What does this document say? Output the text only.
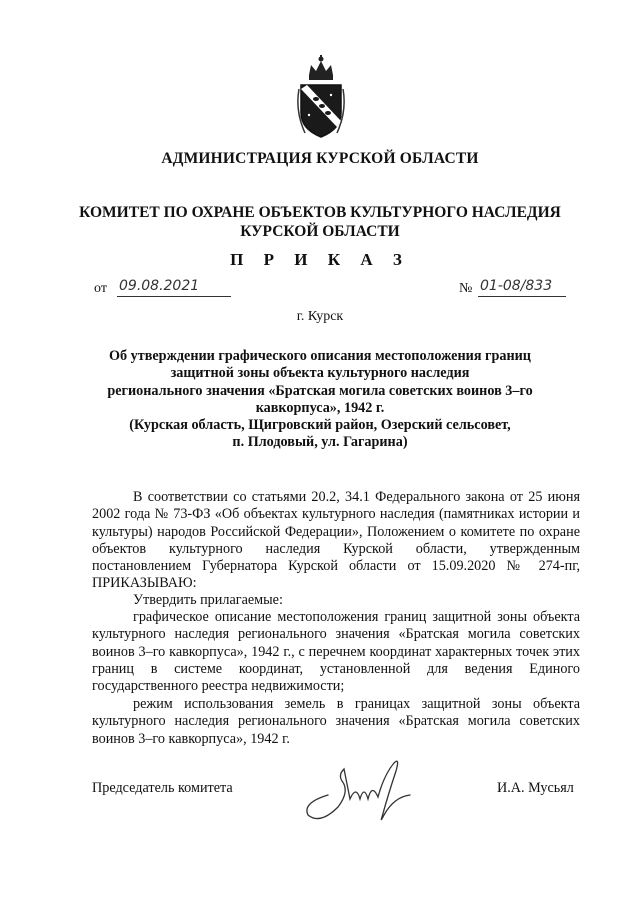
АДМИНИСТРАЦИЯ КУРСКОЙ ОБЛАСТИ
КОМИТЕТ ПО ОХРАНЕ ОБЪЕКТОВ КУЛЬТУРНОГО НАСЛЕДИЯ
КУРСКОЙ ОБЛАСТИ
П Р И К А З
от 09.08.2021	№ 01-08/833
г. Курск
Об утверждении графического описания местоположения границ
защитной зоны объекта культурного наследия
регионального значения «Братская могила советских воинов 3–го
кавкорпуса», 1942 г.
(Курская область, Щигровский район, Озерский сельсовет,
п. Плодовый, ул. Гагарина)
В соответствии со статьями 20.2, 34.1 Федерального закона от 25 июня 2002 года № 73-ФЗ «Об объектах культурного наследия (памятниках истории и культуры) народов Российской Федерации», Положением о комитете по охране объектов культурного наследия Курской области, утвержденным постановлением Губернатора Курской области от 15.09.2020 № 274-пг, ПРИКАЗЫВАЮ:
Утвердить прилагаемые:
графическое описание местоположения границ защитной зоны объекта культурного наследия регионального значения «Братская могила советских воинов 3–го кавкорпуса», 1942 г., с перечнем координат характерных точек этих границ в системе координат, установленной для ведения Единого государственного реестра недвижимости;
режим использования земель в границах защитной зоны объекта культурного наследия регионального значения «Братская могила советских воинов 3–го кавкорпуса», 1942 г.
Председатель комитета	И.А. Мусьял
